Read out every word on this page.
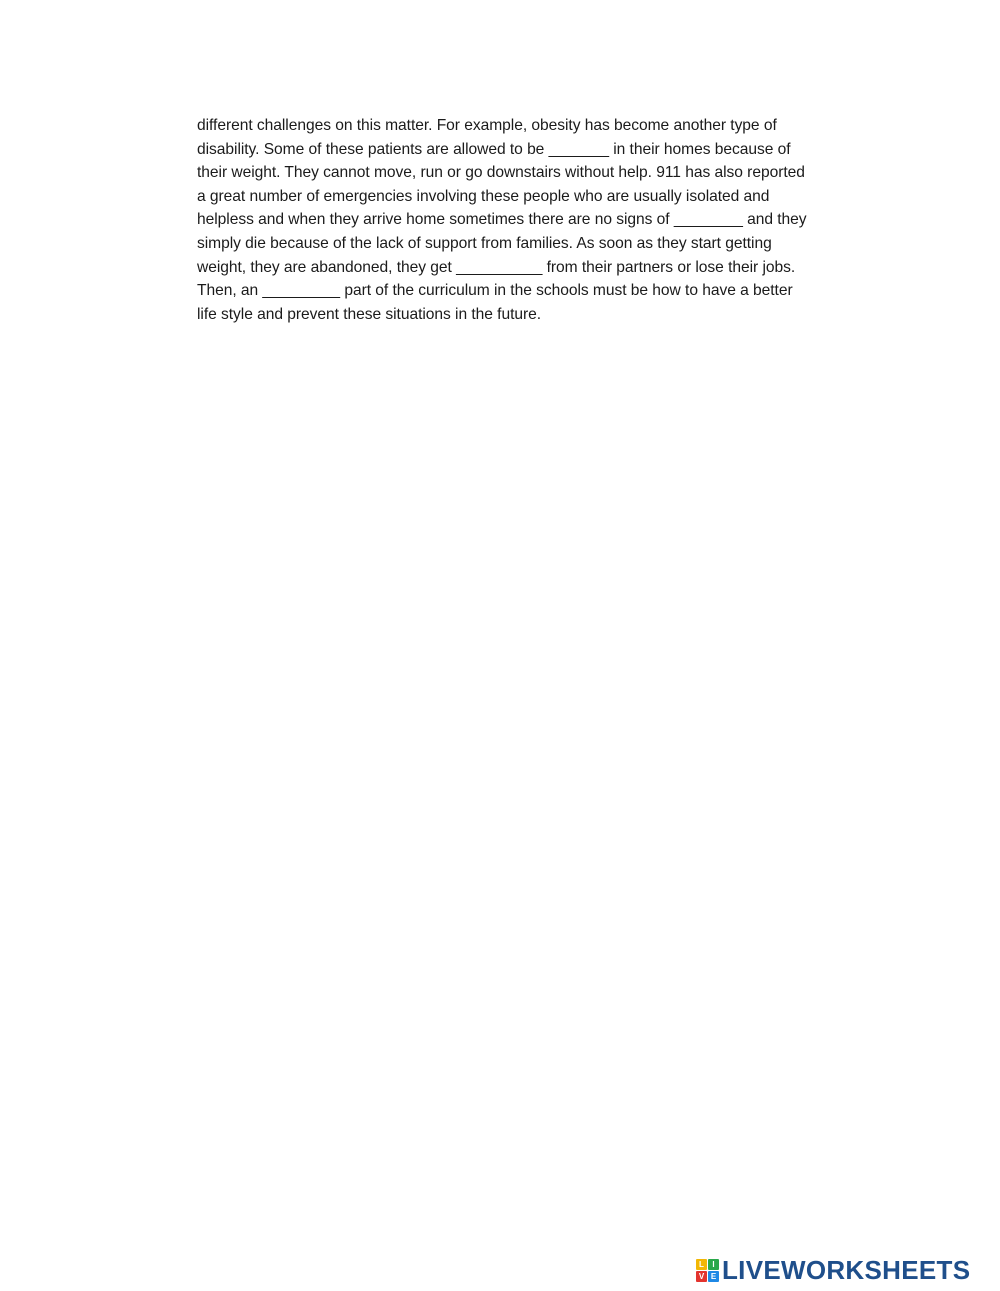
different challenges on this matter. For example, obesity has become another type of
disability. Some of these patients are allowed to be _______ in their homes because of
their weight. They cannot move, run or go downstairs without help. 911 has also reported
a great number of emergencies involving these people who are usually isolated and
helpless and when they arrive home sometimes there are no signs of ________ and they
simply die because of the lack of support from families. As soon as they start getting
weight, they are abandoned, they get __________ from their partners or lose their jobs.
Then, an _________ part of the curriculum in the schools must be how to have a better
life style and prevent these situations in the future.
L	I
V E LIVEWORKSHEETS
